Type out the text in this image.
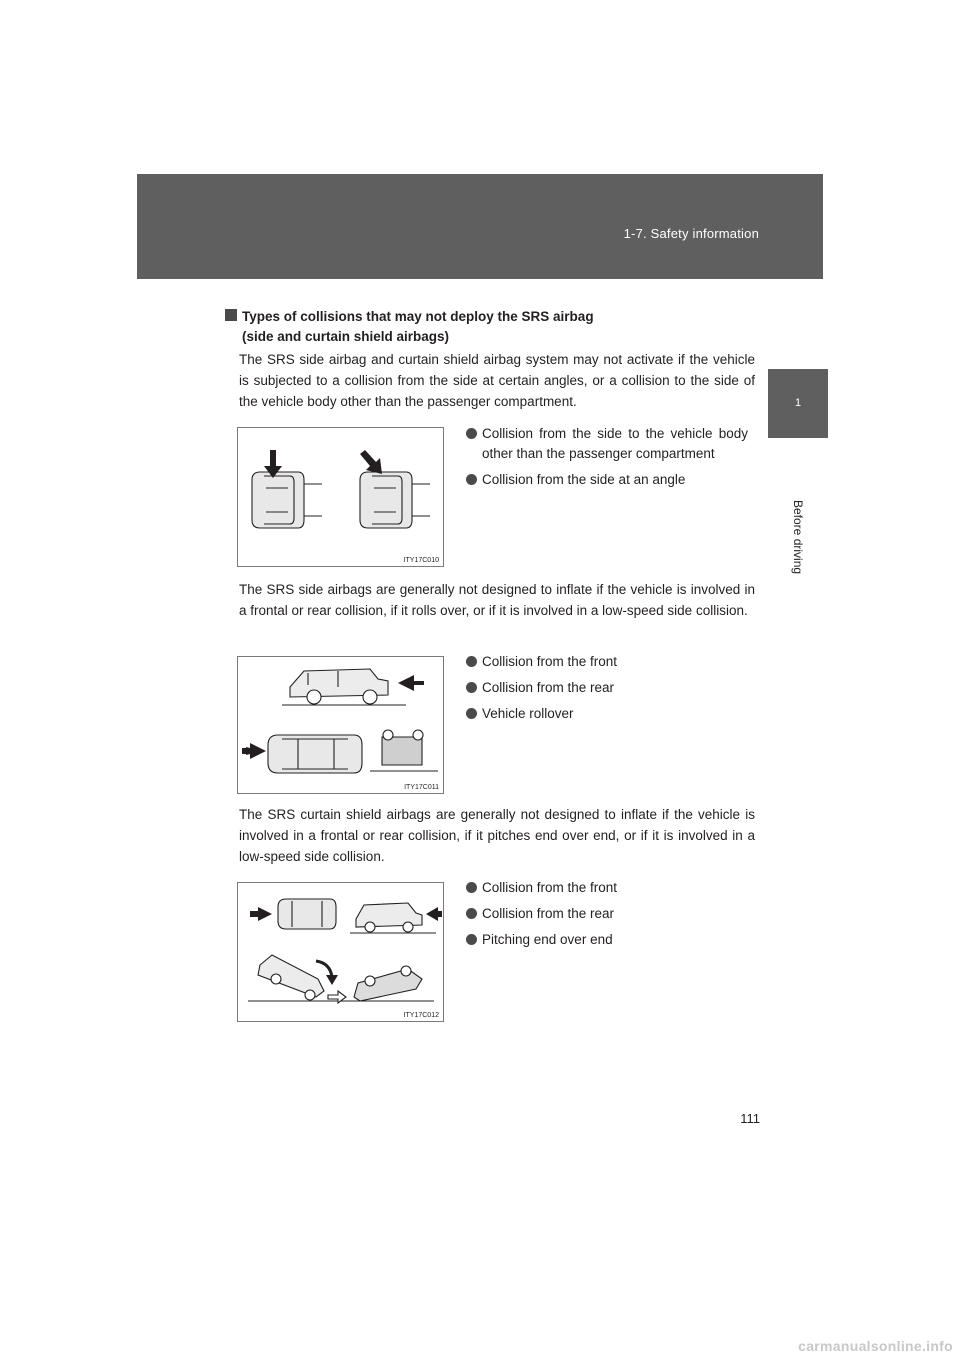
1-7. Safety information
1
Before driving
Types of collisions that may not deploy the SRS airbag
(side and curtain shield airbags)
The SRS side airbag and curtain shield airbag system may not activate if the vehicle is subjected to a collision from the side at certain angles, or a collision to the side of the vehicle body other than the passenger compartment.
ITY17C010
Collision from the side to the vehicle body other than the passenger compartment
Collision from the side at an angle
The SRS side airbags are generally not designed to inflate if the vehicle is involved in a frontal or rear collision, if it rolls over, or if it is involved in a low-speed side collision.
ITY17C011
Collision from the front
Collision from the rear
Vehicle rollover
The SRS curtain shield airbags are generally not designed to inflate if the vehicle is involved in a frontal or rear collision, if it pitches end over end, or if it is involved in a low-speed side collision.
ITY17C012
Collision from the front
Collision from the rear
Pitching end over end
111
carmanualsonline.info
